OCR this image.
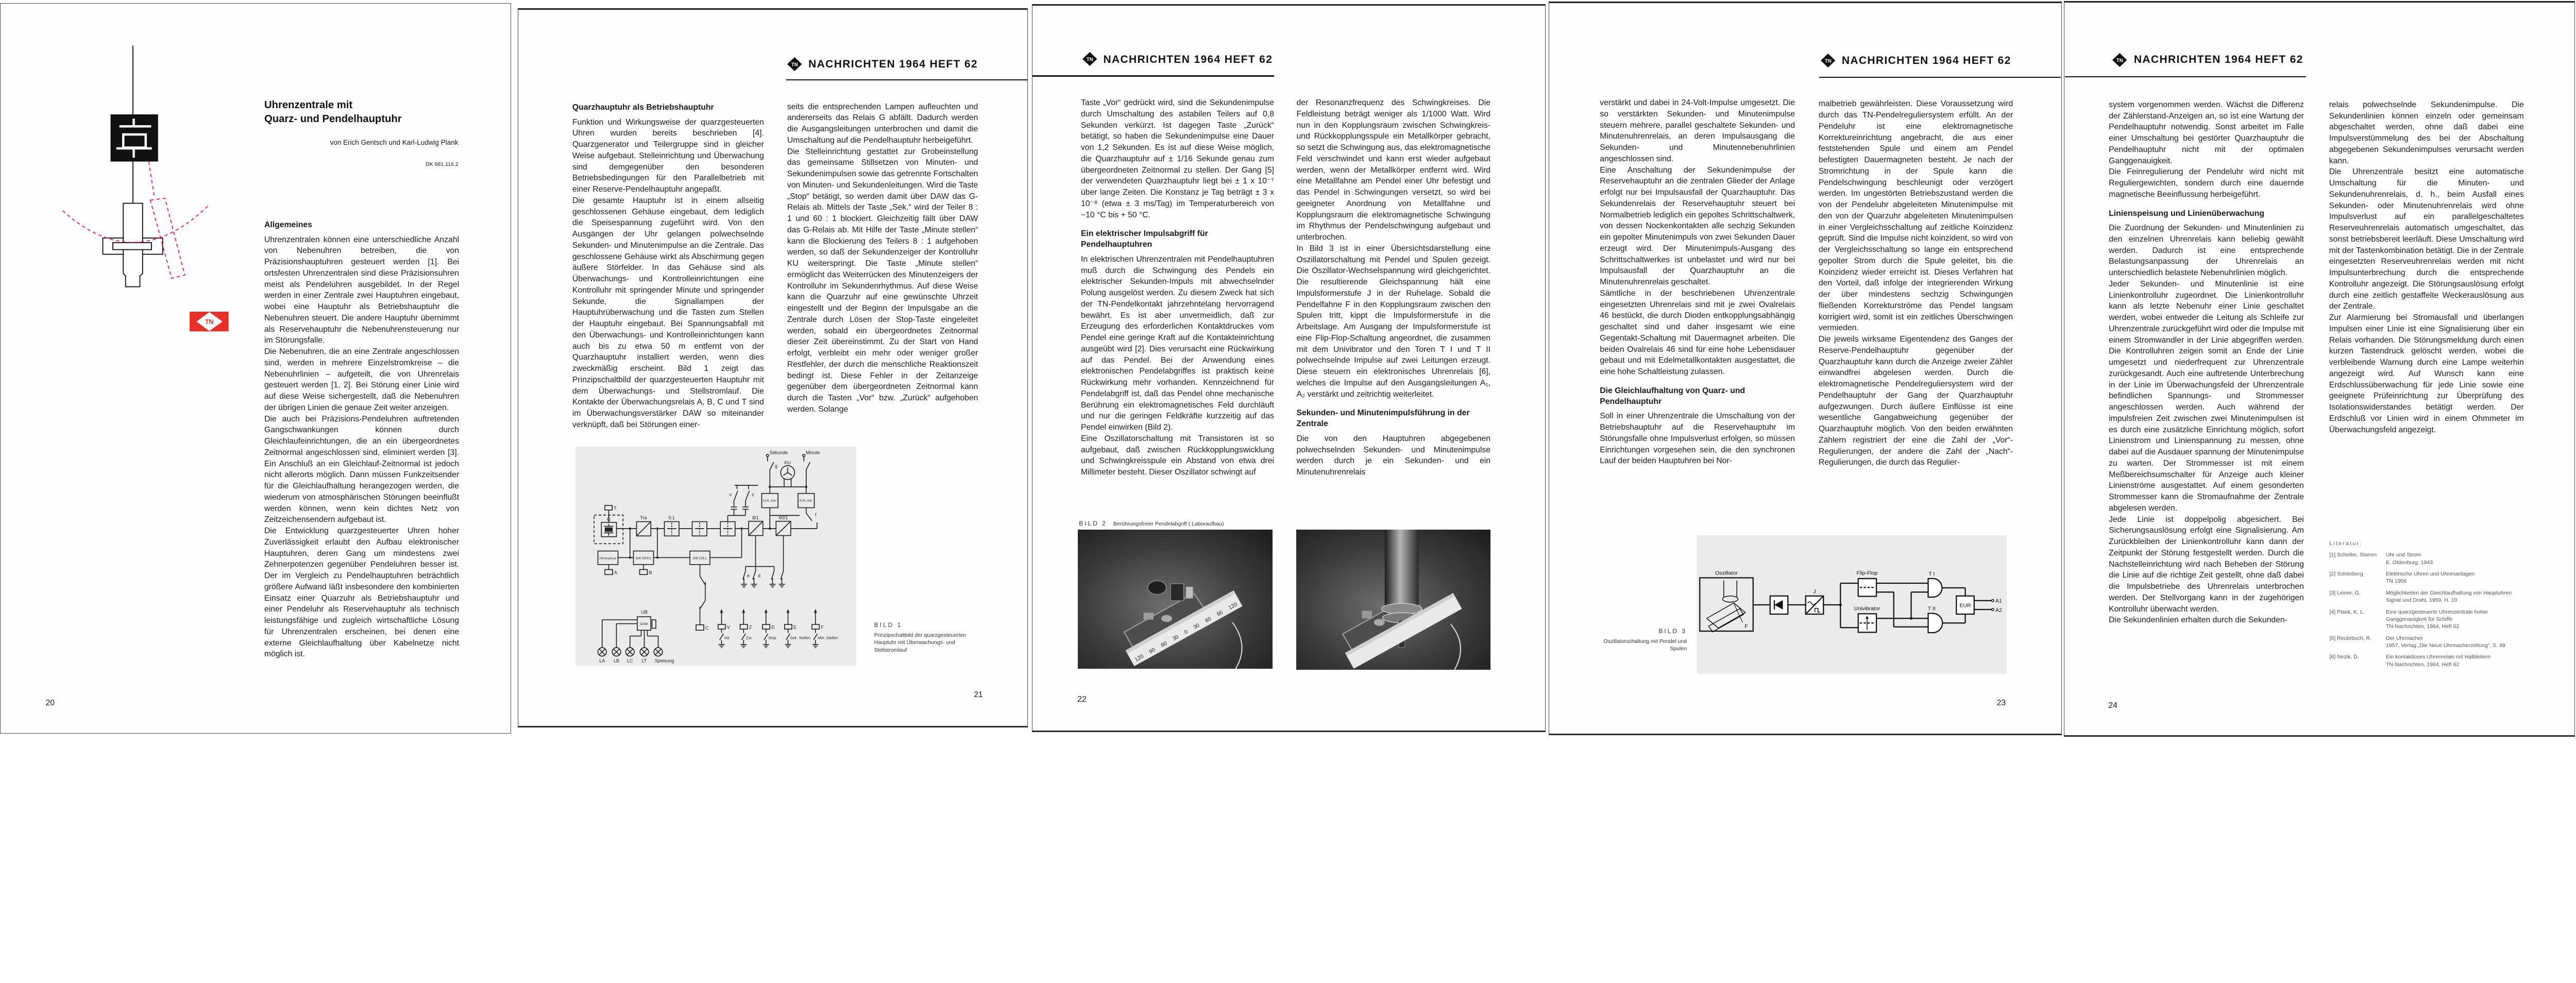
TN
Uhrenzentrale mit
Quarz- und Pendelhauptuhr
von Erich Gentsch und Karl-Ludwig Plank
DK 681.116.2
Allgemeines

Uhrenzentralen können eine unterschiedliche Anzahl von Nebenuhren betreiben, die von Präzisionshauptuhren gesteuert werden [1]. Bei ortsfesten Uhrenzentralen sind diese Präzisionsuhren meist als Pendeluhren ausgebildet. In der Regel werden in einer Zentrale zwei Hauptuhren eingebaut, wobei eine Hauptuhr als Betriebshauptuhr die Nebenuhren steuert. Die andere Hauptuhr übernimmt als Reservehauptuhr die Nebenuhrensteuerung nur im Störungsfalle.

Die Nebenuhren, die an eine Zentrale angeschlossen sind, werden in mehrere Einzelstromkreise – die Nebenuhrlinien – aufgeteilt, die von Uhrenrelais gesteuert werden [1, 2]. Bei Störung einer Linie wird auf diese Weise sichergestellt, daß die Nebenuhren der übrigen Linien die genaue Zeit weiter anzeigen.

Die auch bei Präzisions-Pendeluhren auftretenden Gangschwankungen können durch Gleichlaufeinrichtungen, die an ein übergeordnetes Zeitnormal angeschlossen sind, eliminiert werden [3]. Ein Anschluß an ein Gleichlauf-Zeitnormal ist jedoch nicht allerorts möglich. Dann müssen Funkzeitsender für die Gleichlaufhaltung herangezogen werden, die wiederum von atmosphärischen Störungen beeinflußt werden können, wenn kein dichtes Netz von Zeitzeichensendern aufgebaut ist.

Die Entwicklung quarzgesteuerter Uhren hoher Zuverlässigkeit erlaubt den Aufbau elektronischer Hauptuhren, deren Gang um mindestens zwei Zehnerpotenzen gegenüber Pendeluhren besser ist. Der im Vergleich zu Pendelhauptuhren beträchtlich größere Aufwand läßt insbesondere den kombinierten Einsatz einer Quarzuhr als Betriebshauptuhr und einer Pendeluhr als Reservehauptuhr als technisch leistungsfähige und zugleich wirtschaftliche Lösung für Uhrenzentralen erscheinen, bei denen eine externe Gleichlaufhaltung über Kabelnetze nicht möglich ist.

20
TN NACHRICHTEN 1964 HEFT 62
Quarzhauptuhr als Betriebshauptuhr

Funktion und Wirkungsweise der quarzgesteuerten Uhren wurden bereits beschrieben [4]. Quarzgenerator und Teilergruppe sind in gleicher Weise aufgebaut. Stelleinrichtung und Überwachung sind demgegenüber den besonderen Betriebsbedingungen für den Parallelbetrieb mit einer Reserve-Pendelhauptuhr angepaßt.

Die gesamte Hauptuhr ist in einem allseitig geschlossenen Gehäuse eingebaut, dem lediglich die Speisespannung zugeführt wird. Von den Ausgängen der Uhr gelangen polwechselnde Sekunden- und Minutenimpulse an die Zentrale. Das geschlossene Gehäuse wirkt als Abschirmung gegen äußere Störfelder. In das Gehäuse sind als Überwachungs- und Kontrolleinrichtungen eine Kontrolluhr mit springender Minute und springender Sekunde, die Signallampen der Hauptuhrüberwachung und die Tasten zum Stellen der Hauptuhr eingebaut. Bei Spannungsabfall mit den Überwachungs- und Kontrolleinrichtungen kann auch bis zu etwa 50 m entfernt von der Quarzhauptuhr installiert werden, wenn dies zweckmäßig erscheint. Bild 1 zeigt das Prinzipschaltbild der quarzgesteuerten Hauptuhr mit dem Überwachungs- und Stellstromlauf. Die Kontakte der Überwachungsrelais A, B, C und T sind im Überwachungsverstärker DAW so miteinander verknüpft, daß bei Störungen einer-

seits die entsprechenden Lampen aufleuchten und andererseits das Relais G abfällt. Dadurch werden die Ausgangsleitungen unterbrochen und damit die Umschaltung auf die Pendelhauptuhr herbeigeführt.

Die Stelleinrichtung gestattet zur Grobeinstellung das gemeinsame Stillsetzen von Minuten- und Sekundenimpulsen sowie das getrennte Fortschalten von Minuten- und Sekundenleitungen. Wird die Taste „Stop“ betätigt, so werden damit über DAW das G-Relais ab. Mittels der Taste „Sek.“ wird der Teiler 8 : 1 und 60 : 1 blockiert. Gleichzeitig fällt über DAW das G-Relais ab. Mit Hilfe der Taste „Minute stellen“ kann die Blockierung des Teilers 8 : 1 aufgehoben werden, so daß der Sekundenzeiger der Kontrolluhr KU weiterspringt. Die Taste „Minute stellen“ ermöglicht das Weiterrücken des Minutenzeigers der Kontrolluhr im Sekundenrhythmus. Auf diese Weise kann die Quarzuhr auf eine gewünschte Uhrzeit eingestellt und der Beginn der Impulsgabe an die Zentrale durch Lösen der Stop-Taste eingeleitet werden, sobald ein übergeordnetes Zeitnormal dieser Zeit übereinstimmt. Zu der Start von Hand erfolgt, verbleibt ein mehr oder weniger großer Restfehler, der durch die menschliche Reaktionszeit bedingt ist. Diese Fehler in der Zeitanzeige gegenüber dem übergeordneten Zeitnormal kann durch die Tasten „Vor“ bzw. „Zurück“ aufgehoben werden. Solange

Sekunde	Minute
KU
g
v	z
EUR „Sek“	EUR „Min“
f
T
G	Tra	5:1	8/1	60/1
DW Amplitude	DW 1000:1	DW 125:1
A	B
C
e d
UB
DAW
V	Z	D	E	F
Vor	Zur.	Stop	Sek. Stellen Min. Stellen
LA LB LC LT Speisung
BILD 1
Prinzipschaltbild der quarzgesteuerten Hauptuhr mit Überwachungs- und Stellstromlauf
21
TN NACHRICHTEN 1964 HEFT 62

Taste „Vor“ gedrückt wird, sind die Sekundenimpulse durch Umschaltung des astabilen Teilers auf 0,8 Sekunden verkürzt. Ist dagegen Taste „Zurück“ betätigt, so haben die Sekundenimpulse eine Dauer von 1,2 Sekunden. Es ist auf diese Weise möglich, die Quarzhauptuhr auf ± 1/16 Sekunde genau zum übergeordneten Zeitnormal zu stellen. Der Gang [5] der verwendeten Quarzhauptuhr liegt bei ± 1 x 10⁻⁷ über lange Zeiten. Die Konstanz je Tag beträgt ± 3 x 10⁻⁸ (etwa ± 3 ms/Tag) im Temperaturbereich von −10 °C bis + 50 °C.

Ein elektrischer Impulsabgriff für Pendelhauptuhren

In elektrischen Uhrenzentralen mit Pendelhauptuhren muß durch die Schwingung des Pendels ein elektrischer Sekunden-Impuls mit abwechselnder Polung ausgelöst werden. Zu diesem Zweck hat sich der TN-Pendelkontakt jahrzehntelang hervorragend bewährt. Es ist aber unvermeidlich, daß zur Erzeugung des erforderlichen Kontaktdruckes vom Pendel eine geringe Kraft auf die Kontakteinrichtung ausgeübt wird [2]. Dies verursacht eine Rückwirkung auf das Pendel. Bei der Anwendung eines elektronischen Pendelabgriffes ist praktisch keine Rückwirkung mehr vorhanden. Kennzeichnend für Pendelabgriff ist, daß das Pendel ohne mechanische Berührung ein elektromagnetisches Feld durchläuft und nur die geringen Feldkräfte kurzzeitig auf das Pendel einwirken (Bild 2).

Eine Oszillatorschaltung mit Transistoren ist so aufgebaut, daß zwischen Rückkopplungswicklung und Schwingkreisspule ein Abstand von etwa drei Millimeter besteht. Dieser Oszillator schwingt auf

der Resonanzfrequenz des Schwingkreises. Die Feldleistung beträgt weniger als 1/1000 Watt. Wird nun in den Kopplungsraum zwischen Schwingkreis- und Rückkopplungsspule ein Metallkörper gebracht, so setzt die Schwingung aus, das elektromagnetische Feld verschwindet und kann erst wieder aufgebaut werden, wenn der Metallkörper entfernt wird. Wird eine Metallfahne am Pendel einer Uhr befestigt und das Pendel in Schwingungen versetzt, so wird bei geeigneter Anordnung von Metallfahne und Kopplungsraum die elektromagnetische Schwingung im Rhythmus der Pendelschwingung aufgebaut und unterbrochen.

In Bild 3 ist in einer Übersichtsdarstellung eine Oszillatorschaltung mit Pendel und Spulen gezeigt. Die Oszillator-Wechselspannung wird gleichgerichtet. Die resultierende Gleichspannung hält eine Impulsformerstufe J in der Ruhelage. Sobald die Pendelfahne F in den Kopplungsraum zwischen den Spulen tritt, kippt die Impulsformerstufe in die Arbeitslage. Am Ausgang der Impulsformerstufe ist eine Flip-Flop-Schaltung angeordnet, die zusammen mit dem Univibrator und den Toren T I und T II polwechselnde Impulse auf zwei Leitungen erzeugt. Diese steuern ein elektronisches Uhrenrelais [6], welches die Impulse auf den Ausgangsleitungen A₁, A₂ verstärkt und zeitrichtig weiterleitet.

Sekunden- und Minutenimpulsführung in der Zentrale

Die von den Hauptuhren abgegebenen polwechselnden Sekunden- und Minutenimpulse werden durch je ein Sekunden- und ein Minutenuhrenrelais

BILD 2 Berührungsfreier Pendelabgriff ( Laboraufbau)
120
90
60
30
0
30
60
90
120
22
TN NACHRICHTEN 1964 HEFT 62

verstärkt und dabei in 24-Volt-Impulse umgesetzt. Die so verstärkten Sekunden- und Minutenimpulse steuern mehrere, parallel geschaltete Sekunden- und Minutenuhrenrelais, an deren Impulsausgang die Sekunden- und Minutennebenuhrlinien angeschlossen sind.

Eine Anschaltung der Sekundenimpulse der Reservehauptuhr an die zentralen Glieder der Anlage erfolgt nur bei Impulsausfall der Quarzhauptuhr. Das Sekundenrelais der Reservehauptuhr steuert bei Normalbetrieb lediglich ein gepoltes Schrittschaltwerk, von dessen Nockenkontakten alle sechzig Sekunden ein gepolter Minutenimpuls von zwei Sekunden Dauer erzeugt wird. Der Minutenimpuls-Ausgang des Schrittschaltwerkes ist unbelastet und wird nur bei Impulsausfall der Quarzhauptuhr an die Minutenuhrenrelais geschaltet.

Sämtliche in der beschriebenen Uhrenzentrale eingesetzten Uhrenrelais sind mit je zwei Ovalrelais 46 bestückt, die durch Dioden entkopplungsabhängig geschaltet sind und daher insgesamt wie eine Gegentakt-Schaltung mit Dauermagnet arbeiten. Die beiden Ovalrelais 46 sind für eine hohe Lebensdauer gebaut und mit Edelmetallkontakten ausgestattet, die eine hohe Schaltleistung zulassen.

Die Gleichlaufhaltung von Quarz- und Pendelhauptuhr

Soll in einer Uhrenzentrale die Umschaltung von der Betriebshauptuhr auf die Reservehauptuhr im Störungsfalle ohne Impulsverlust erfolgen, so müssen Einrichtungen vorgesehen sein, die den synchronen Lauf der beiden Hauptuhren bei Nor-

malbetrieb gewährleisten. Diese Voraussetzung wird durch das TN-Pendelreguliersystem erfüllt. An der Pendeluhr ist eine elektromagnetische Korrektureinrichtung angebracht, die aus einer feststehenden Spule und einem am Pendel befestigten Dauermagneten besteht. Je nach der Stromrichtung in der Spule kann die Pendelschwingung beschleunigt oder verzögert werden. Im ungestörten Betriebszustand werden die von der Pendeluhr abgeleiteten Minutenimpulse mit den von der Quarzuhr abgeleiteten Minutenimpulsen in einer Vergleichsschaltung auf zeitliche Koinzidenz geprüft. Sind die Impulse nicht koinzident, so wird von der Vergleichsschaltung so lange ein entsprechend gepolter Strom durch die Spule geleitet, bis die Koinzidenz wieder erreicht ist. Dieses Verfahren hat den Vorteil, daß infolge der integrierenden Wirkung der über mindestens sechzig Schwingungen fließenden Korrekturströme das Pendel langsam korrigiert wird, somit ist ein zeitliches Überschwingen vermieden.

Die jeweils wirksame Eigentendenz des Ganges der Reserve-Pendelhauptuhr gegenüber der Quarzhauptuhr kann durch die Anzeige zweier Zähler einwandfrei abgelesen werden. Durch die elektromagnetische Pendelreguliersystem wird der Pendelhauptuhr der Gang der Quarzhauptuhr aufgezwungen. Durch äußere Einflüsse ist eine wesentliche Gangabweichung gegenüber der Quarzhauptuhr möglich. Von den beiden erwähnten Zählern registriert der eine die Zahl der „Vor“-Regulierungen, der andere die Zahl der „Nach“-Regulierungen, die durch das Regulier-

Oszillator
F
J
Flip-Flop
Univibrator
T I
T II
EUR
A1
A2
BILD 3
Oszillatorschaltung mit Pendel und Spulen
23
TN NACHRICHTEN 1964 HEFT 62

system vorgenommen werden. Wächst die Differenz der Zählerstand-Anzeigen an, so ist eine Wartung der Pendelhauptuhr notwendig. Sonst arbeitet im Falle einer Umschaltung bei gestörter Quarzhauptuhr die Pendelhauptuhr nicht mit der optimalen Ganggenauigkeit.

Die Feinregulierung der Pendeluhr wird nicht mit Reguliergewichten, sondern durch eine dauernde magnetische Beeinflussung herbeigeführt.

Linienspeisung und Linienüberwachung

Die Zuordnung der Sekunden- und Minutenlinien zu den einzelnen Uhrenrelais kann beliebig gewählt werden. Dadurch ist eine entsprechende Belastungsanpassung der Uhrenrelais an unterschiedlich belastete Nebenuhrlinien möglich.

Jeder Sekunden- und Minutenlinie ist eine Linienkontrolluhr zugeordnet. Die Linienkontrolluhr kann als letzte Nebenuhr einer Linie geschaltet werden, wobei entweder die Leitung als Schleife zur Uhrenzentrale zurückgeführt wird oder die Impulse mit einem Stromwandler in der Linie abgegriffen werden. Die Kontrolluhren zeigen somit an Ende der Linie umgesetzt und niederfrequent zur Uhrenzentrale zurückgesandt. Auch eine auftretende Unterbrechung in der Linie im Überwachungsfeld der Uhrenzentrale befindlichen Spannungs- und Strommesser angeschlossen werden. Auch während der impulsfreien Zeit zwischen zwei Minutenimpulsen ist es durch eine zusätzliche Einrichtung möglich, sofort Linienstrom und Linienspannung zu messen, ohne dabei auf die Ausdauer spannung der Minutenimpulse zu warten. Der Strommesser ist mit einem Meßbereichsumschalter für Anzeige auch kleiner Linienströme ausgestattet. Auf einem gesonderten Strommesser kann die Stromaufnahme der Zentrale abgelesen werden.

Jede Linie ist doppelpolig abgesichert. Bei Sicherungsauslösung erfolgt eine Signalisierung. Am Zurückbleiben der Linienkontrolluhr kann dann der Zeitpunkt der Störung festgestellt werden. Durch die Nachstelleinrichtung wird nach Beheben der Störung die Linie auf die richtige Zeit gestellt, ohne daß dabei die Impulsbetriebe des Uhrenrelais unterbrochen werden. Der Stellvorgang kann in der zugehörigen Kontrolluhr überwacht werden.

Die Sekundenlinien erhalten durch die Sekunden-

relais polwechselnde Sekundenimpulse. Die Sekundenlinien können einzeln oder gemeinsam abgeschaltet werden, ohne daß dabei eine Impulsverstümmelung des bei der Abschaltung abgegebenen Sekundenimpulses verursacht werden kann.

Die Uhrenzentrale besitzt eine automatische Umschaltung für die Minuten- und Sekundenuhrenrelais, d. h., beim Ausfall eines Sekunden- oder Minutenuhrenrelais wird ohne Impulsverlust auf ein parallelgeschaltetes Reserveuhrenrelais automatisch umgeschaltet, das sonst betriebsbereit leerläuft. Diese Umschaltung wird mit der Tastenkombination betätigt. Die in der Zentrale eingesetzten Reserveuhrenrelais werden mit nicht Impulsunterbrechung durch die entsprechende Kontrolluhr angezeigt. Die Störungsauslösung erfolgt durch eine zeitlich gestaffelte Weckerauslösung aus der Zentrale.

Zur Alarmierung bei Stromausfall und überlangen Impulsen einer Linie ist eine Signalisierung über ein Relais vorhanden. Die Störungsmeldung durch einen kurzen Tastendruck gelöscht werden, wobei die verbleibende Warnung durch eine Lampe weiterhin angezeigt wird. Auf Wunsch kann eine Erdschlussüberwachung für jede Linie sowie eine geeignete Prüfeinrichtung zur Überprüfung des Isolationswiderstandes betätigt werden. Der Erdschluß vor Linien wird in einem Ohmmeter im Überwachungsfeld angezeigt.

Literatur:
[1] Scheibe, Stamm	Uhr und Strom
E. Oldenburg, 1943
[2] Schönberg	Elektrische Uhren und Uhrenanlagen
TN 1956
[3] Leiner, G.	Möglichkeiten der Gleichlaufhaltung von Hauptuhren
Signal und Draht, 1959, H. 10
[4] Plank, K. L.	Eine quarzgesteuerte Uhrenzentrale hoher Ganggenauigkeit für Schiffe
TN-Nachrichten, 1964, Heft 62
[5] Reutebuch, R.	Der Uhrmacher
1957, Verlag „Die Neue Uhrmacherzeitung“, S. 49
[6] Nezik, D.	Ein kontaktloses Uhrenrelais mit Halbleitern
TN-Nachrichten, 1964, Heft 62
24
